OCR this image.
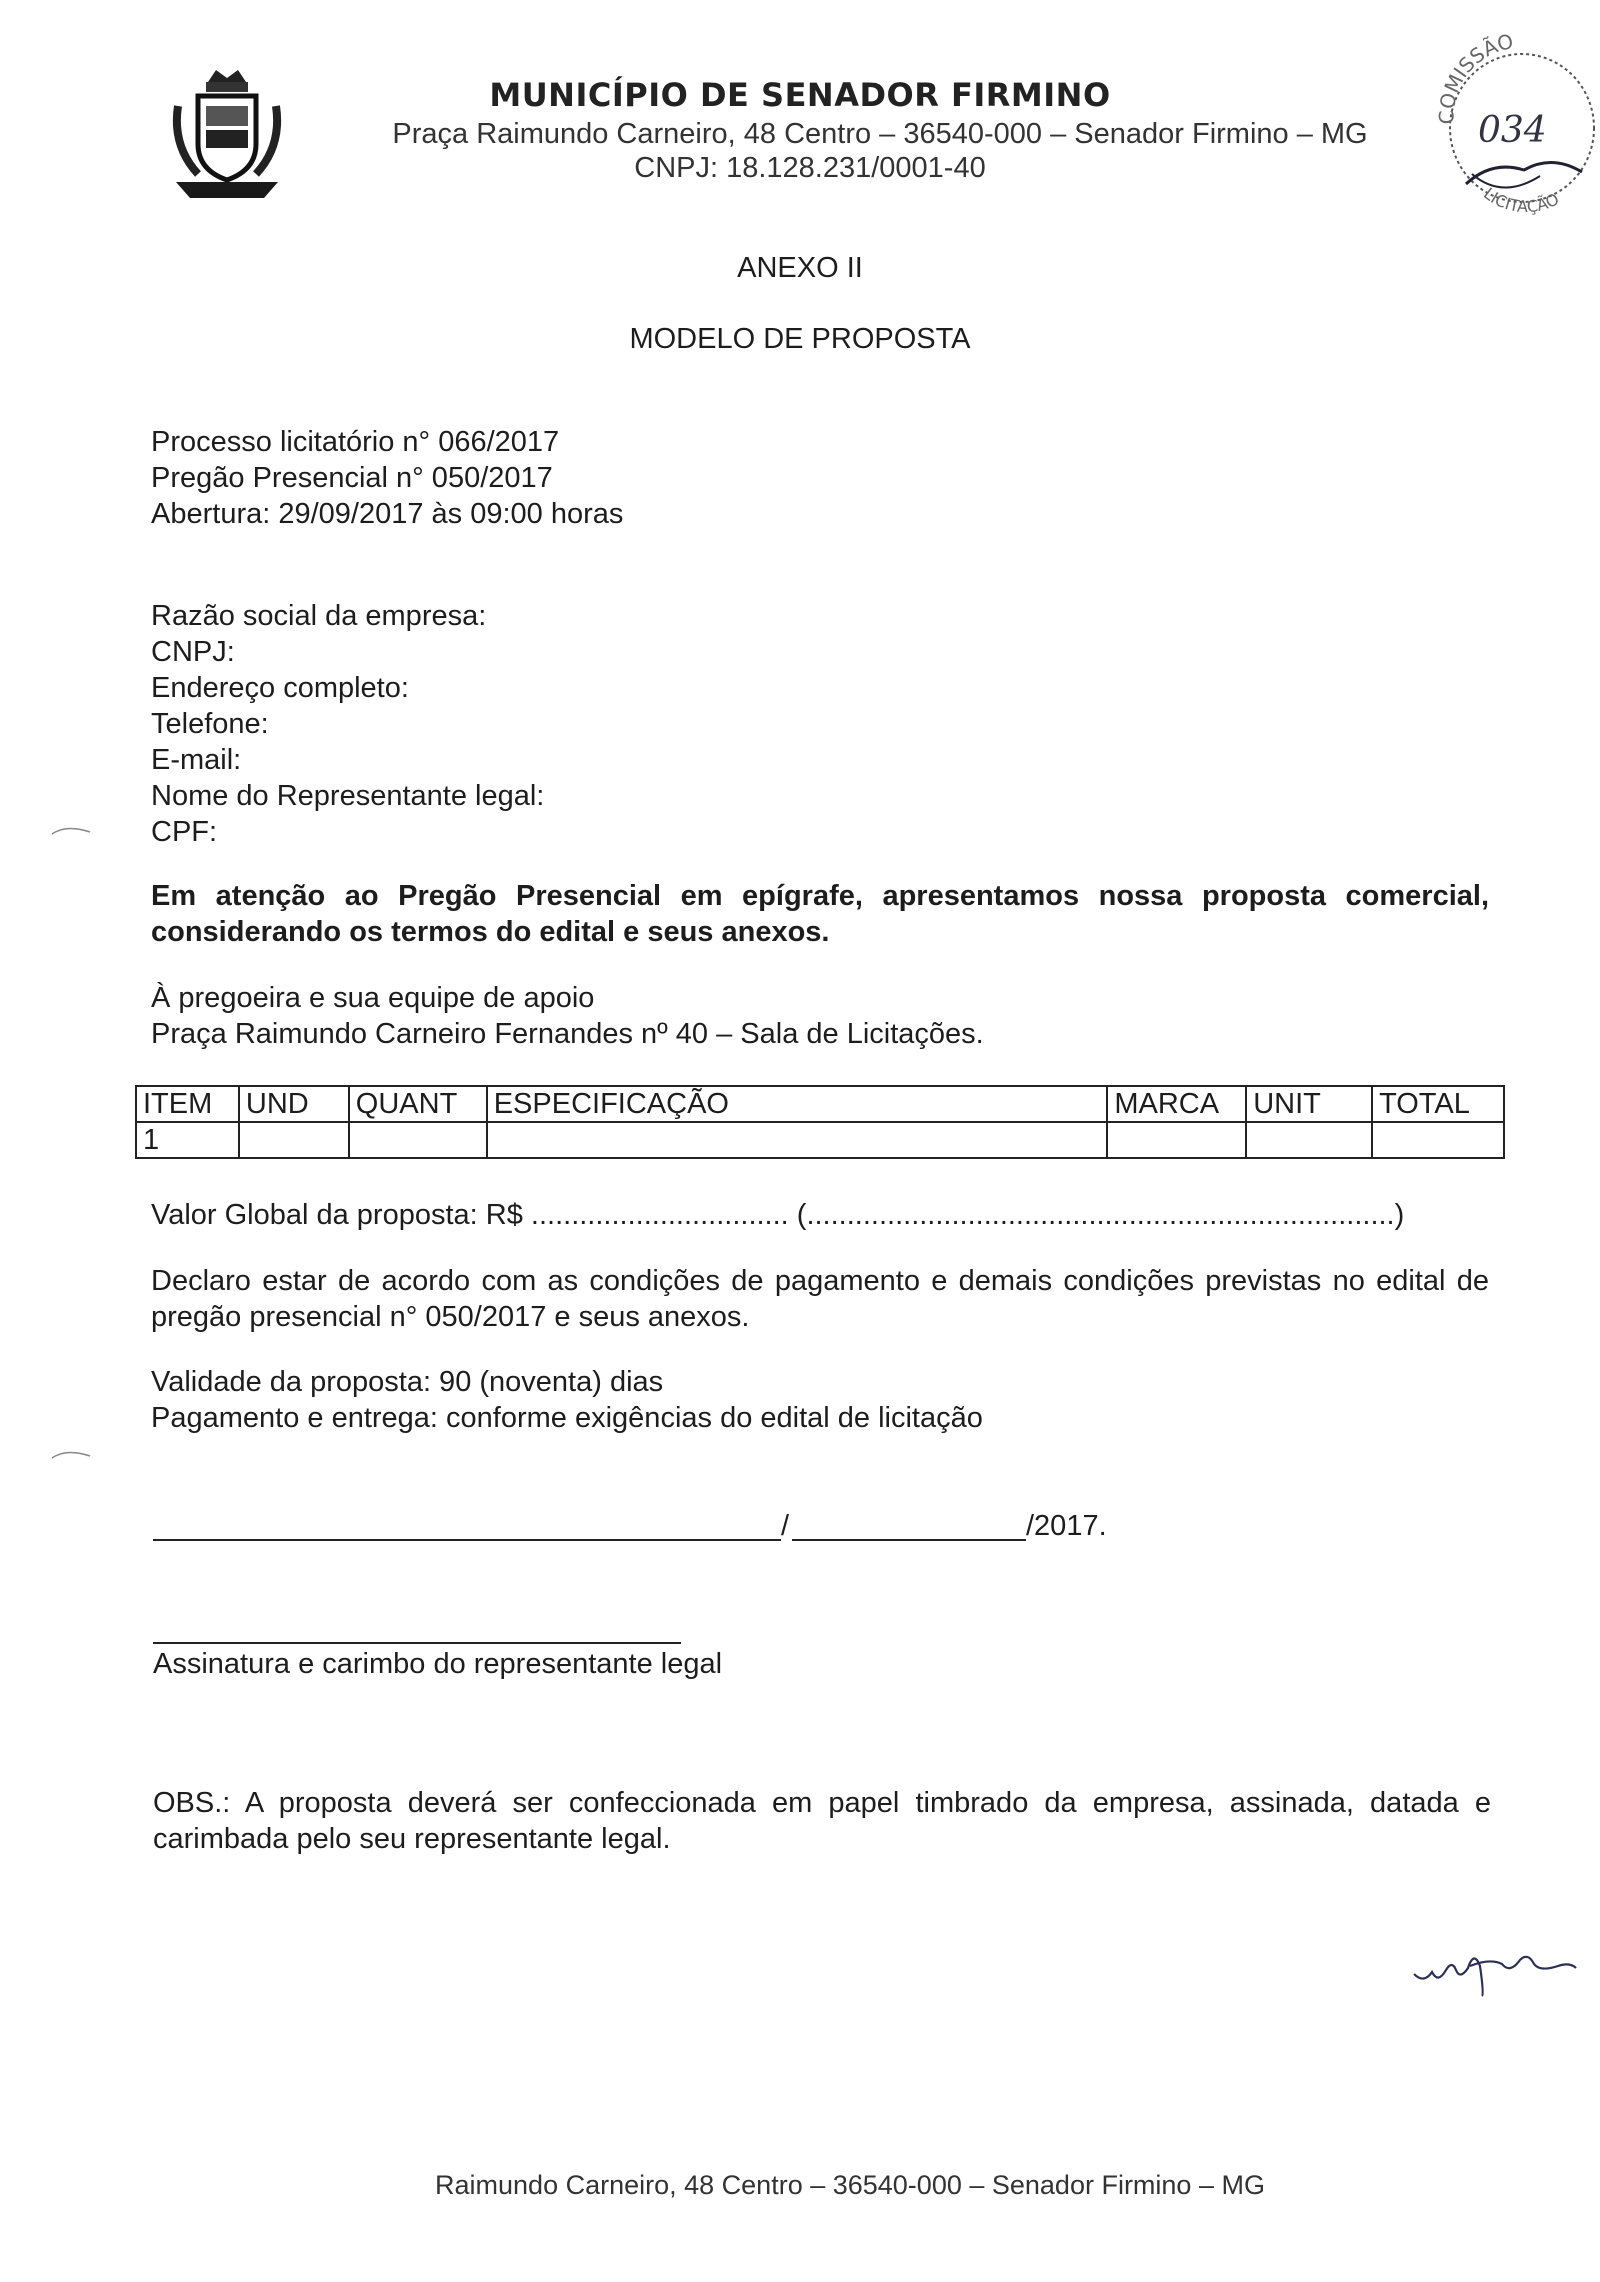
MUNICÍPIO DE SENADOR FIRMINO
Praça Raimundo Carneiro, 48 Centro – 36540-000 – Senador Firmino – MG
CNPJ: 18.128.231/0001-40
COMISSÃO
LICITAÇÃO
034
ANEXO II
MODELO DE PROPOSTA
Processo licitatório n° 066/2017
Pregão Presencial n° 050/2017
Abertura: 29/09/2017 às 09:00 horas
Razão social da empresa:
CNPJ:
Endereço completo:
Telefone:
E-mail:
Nome do Representante legal:
CPF:
Em atenção ao Pregão Presencial em epígrafe, apresentamos nossa proposta comercial, considerando os termos do edital e seus anexos.
À pregoeira e sua equipe de apoio
Praça Raimundo Carneiro Fernandes nº 40 – Sala de Licitações.
ITEM	UND	QUANT	ESPECIFICAÇÃO	MARCA	UNIT	TOTAL
1						
Valor Global da proposta: R$ ................................ (.........................................................................)
Declaro estar de acordo com as condições de pagamento e demais condições previstas no edital de pregão presencial n° 050/2017 e seus anexos.
Validade da proposta: 90 (noventa) dias
Pagamento e entrega: conforme exigências do edital de licitação
/	/2017.
Assinatura e carimbo do representante legal
OBS.: A proposta deverá ser confeccionada em papel timbrado da empresa, assinada, datada e carimbada pelo seu representante legal.
Raimundo Carneiro, 48 Centro – 36540-000 – Senador Firmino – MG
